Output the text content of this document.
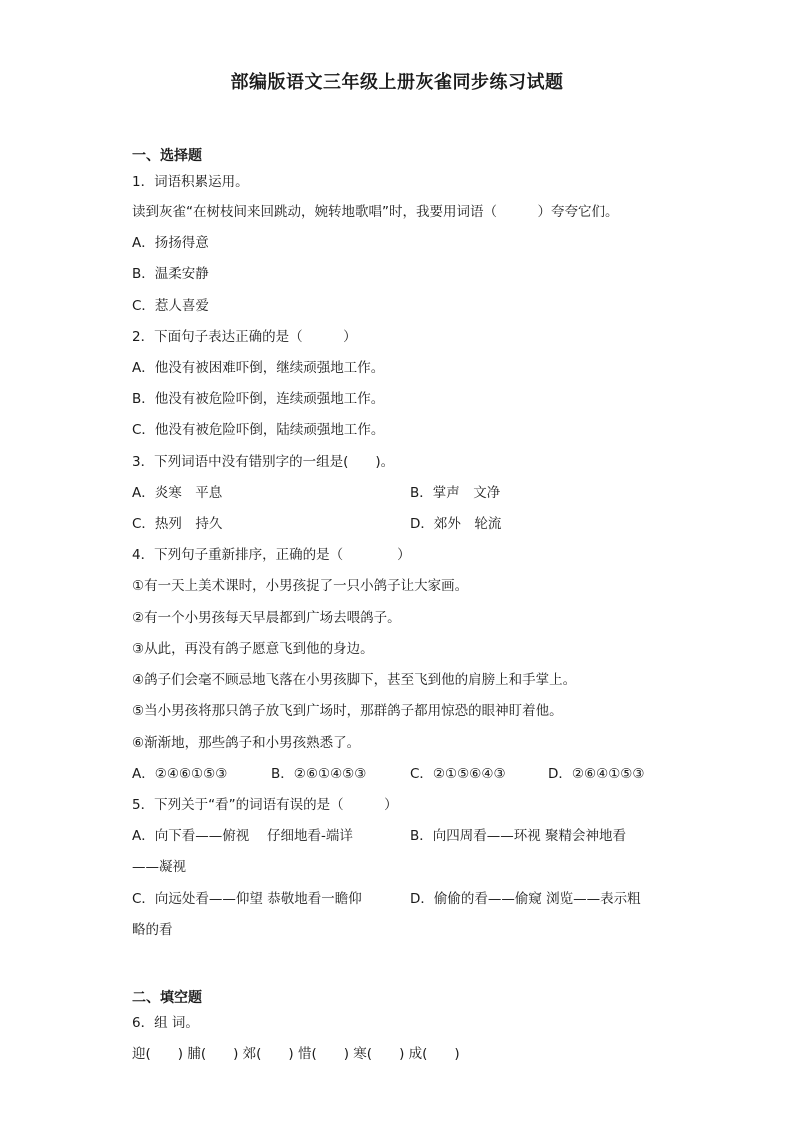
部编版语文三年级上册灰雀同步练习试题
一、选择题
1．词语积累运用。
读到灰雀“在树枝间来回跳动，婉转地歌唱”时，我要用词语（　　　）夸夸它们。
A．扬扬得意
B．温柔安静
C．惹人喜爱
2．下面句子表达正确的是（　　　）
A．他没有被困难吓倒，继续顽强地工作。
B．他没有被危险吓倒，连续顽强地工作。
C．他没有被危险吓倒，陆续顽强地工作。
3．下列词语中没有错别字的一组是(　　)。
A．炎寒　平息	B．掌声　文净
C．热列　持久	D．郊外　轮流
4．下列句子重新排序，正确的是（　　　　）
①有一天上美术课时，小男孩捉了一只小鸽子让大家画。
②有一个小男孩每天早晨都到广场去喂鸽子。
③从此，再没有鸽子愿意飞到他的身边。
④鸽子们会毫不顾忌地飞落在小男孩脚下，甚至飞到他的肩膀上和手掌上。
⑤当小男孩将那只鸽子放飞到广场时，那群鸽子都用惊恐的眼神盯着他。
⑥渐渐地，那些鸽子和小男孩熟悉了。
A．②④⑥①⑤③	B．②⑥①④⑤③	C．②①⑤⑥④③	D．②⑥④①⑤③
5．下列关于“看”的词语有误的是（　　　）
A．向下看——俯视　 仔细地看-端详	B．向四周看——环视 聚精会神地看
——凝视
C．向远处看——仰望 恭敬地看一瞻仰	D．偷偷的看——偷窥 浏览——表示粗
略的看
二、填空题
6．组 词。
迎(　　) 脯(　　) 郊(　　) 惜(　　) 寒(　　) 成(　　)
